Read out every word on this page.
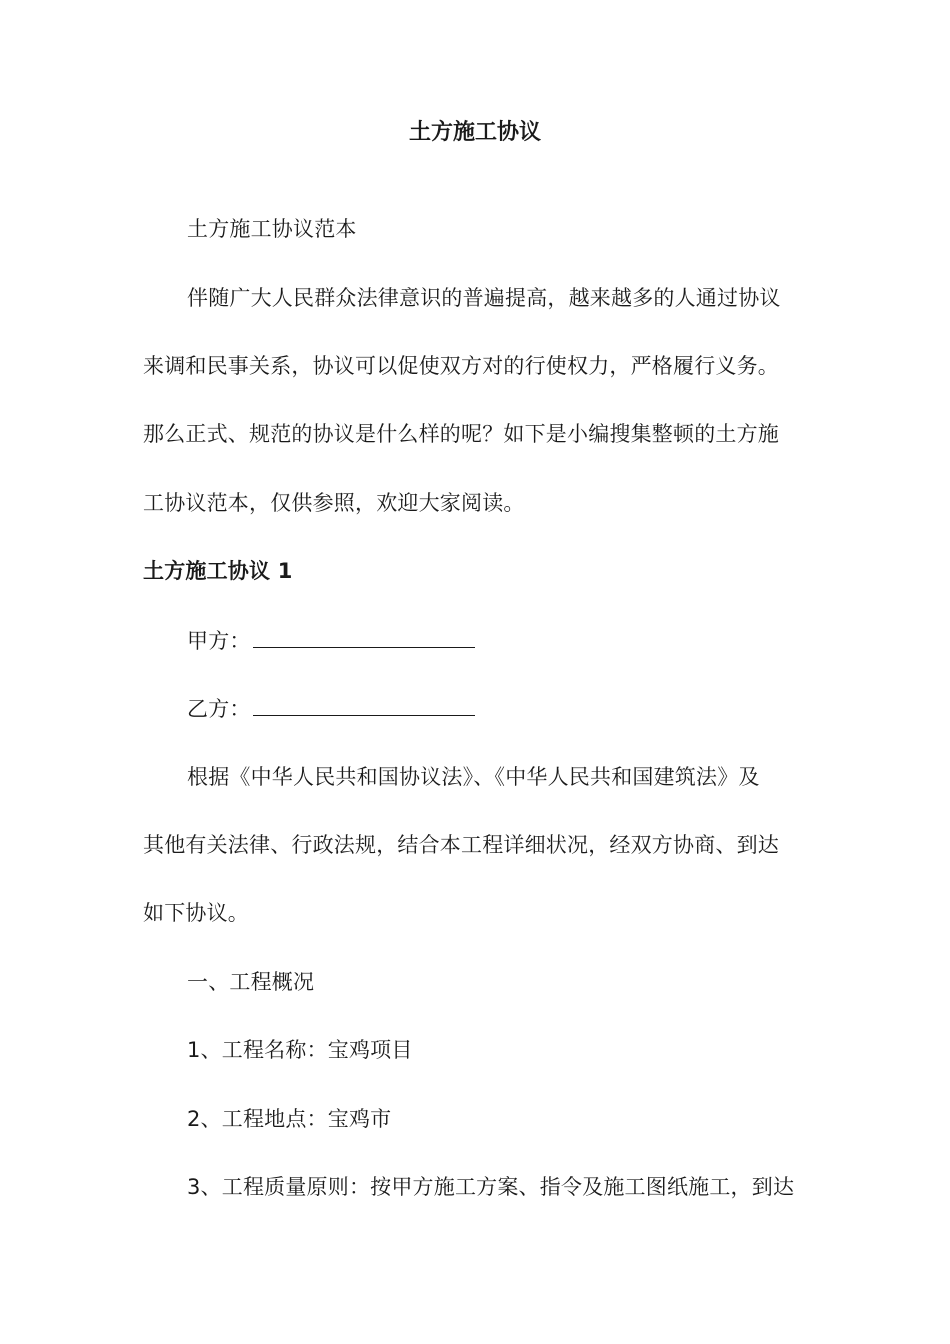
土方施工协议
土方施工协议范本
伴随广大人民群众法律意识的普遍提高，越来越多的人通过协议
来调和民事关系，协议可以促使双方对的行使权力，严格履行义务。
那么正式、规范的协议是什么样的呢？如下是小编搜集整顿的土方施
工协议范本，仅供参照，欢迎大家阅读。
土方施工协议 1
甲方：
乙方：
根据《中华人民共和国协议法》、《中华人民共和国建筑法》及
其他有关法律、行政法规，结合本工程详细状况，经双方协商、到达
如下协议。
一、工程概况
1、工程名称：宝鸡项目
2、工程地点：宝鸡市
3、工程质量原则：按甲方施工方案、指令及施工图纸施工，到达
